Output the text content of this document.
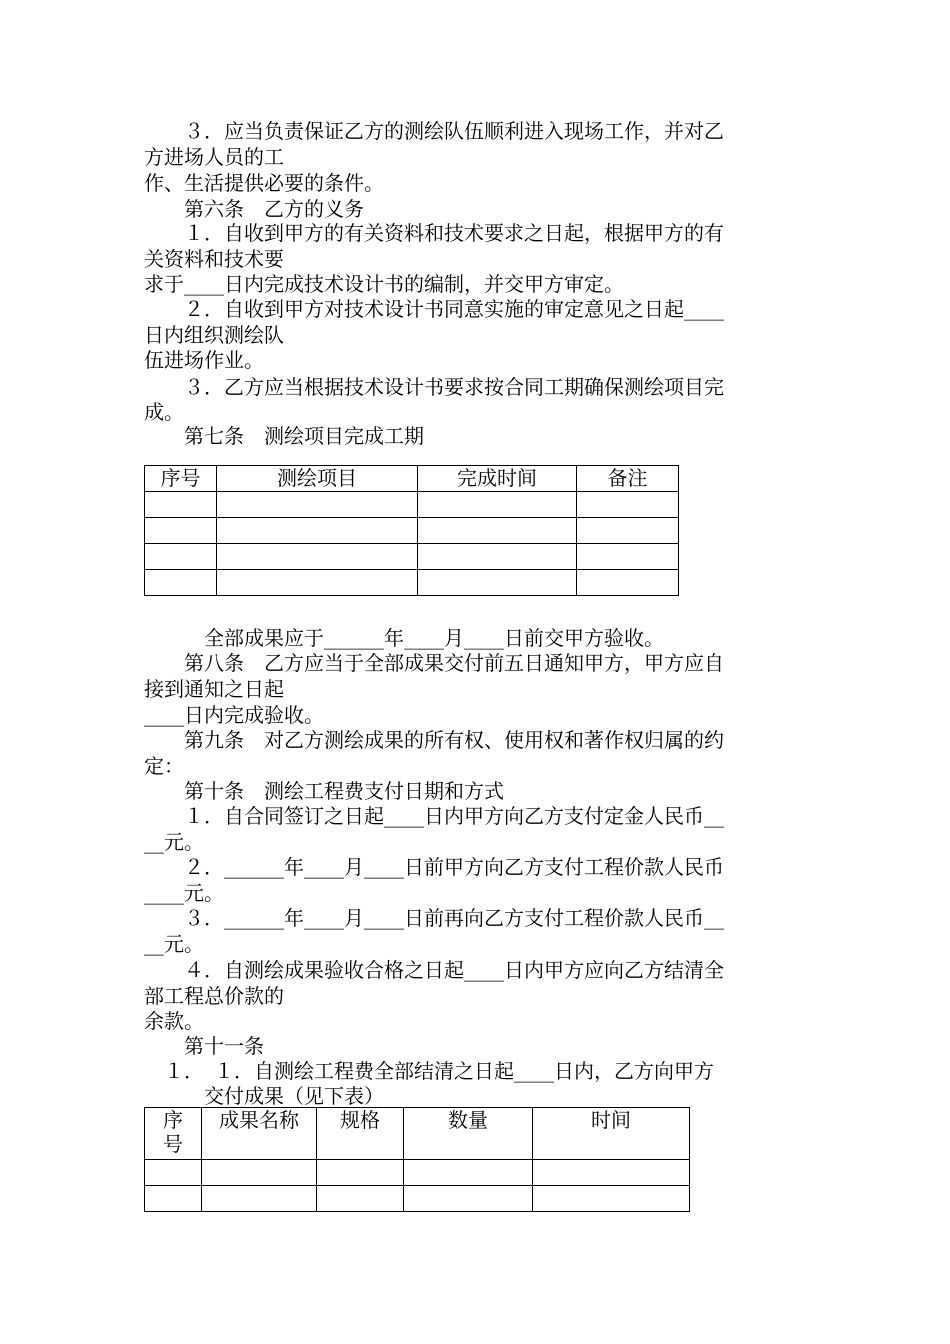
　　３．应当负责保证乙方的测绘队伍顺利进入现场工作，并对乙
方进场人员的工
作、生活提供必要的条件。
　　第六条　乙方的义务
　　１．自收到甲方的有关资料和技术要求之日起，根据甲方的有
关资料和技术要
求于____日内完成技术设计书的编制，并交甲方审定。
　　２．自收到甲方对技术设计书同意实施的审定意见之日起____
日内组织测绘队
伍进场作业。
　　３．乙方应当根据技术设计书要求按合同工期确保测绘项目完
成。
　　第七条　测绘项目完成工期
序号	测绘项目	完成时间	备注

　　　全部成果应于______年____月____日前交甲方验收。
　　第八条　乙方应当于全部成果交付前五日通知甲方，甲方应自
接到通知之日起
____日内完成验收。
　　第九条　对乙方测绘成果的所有权、使用权和著作权归属的约
定：
　　第十条　测绘工程费支付日期和方式
　　１．自合同签订之日起____日内甲方向乙方支付定金人民币__
__元。
　　２．______年____月____日前甲方向乙方支付工程价款人民币
____元。
　　３．______年____月____日前再向乙方支付工程价款人民币__
__元。
　　４．自测绘成果验收合格之日起____日内甲方应向乙方结清全
部工程总价款的
余款。
　　第十一条
　１．　１．自测绘工程费全部结清之日起____日内，乙方向甲方
　　　交付成果（见下表）
序
号	成果名称	规格	数量	时间
